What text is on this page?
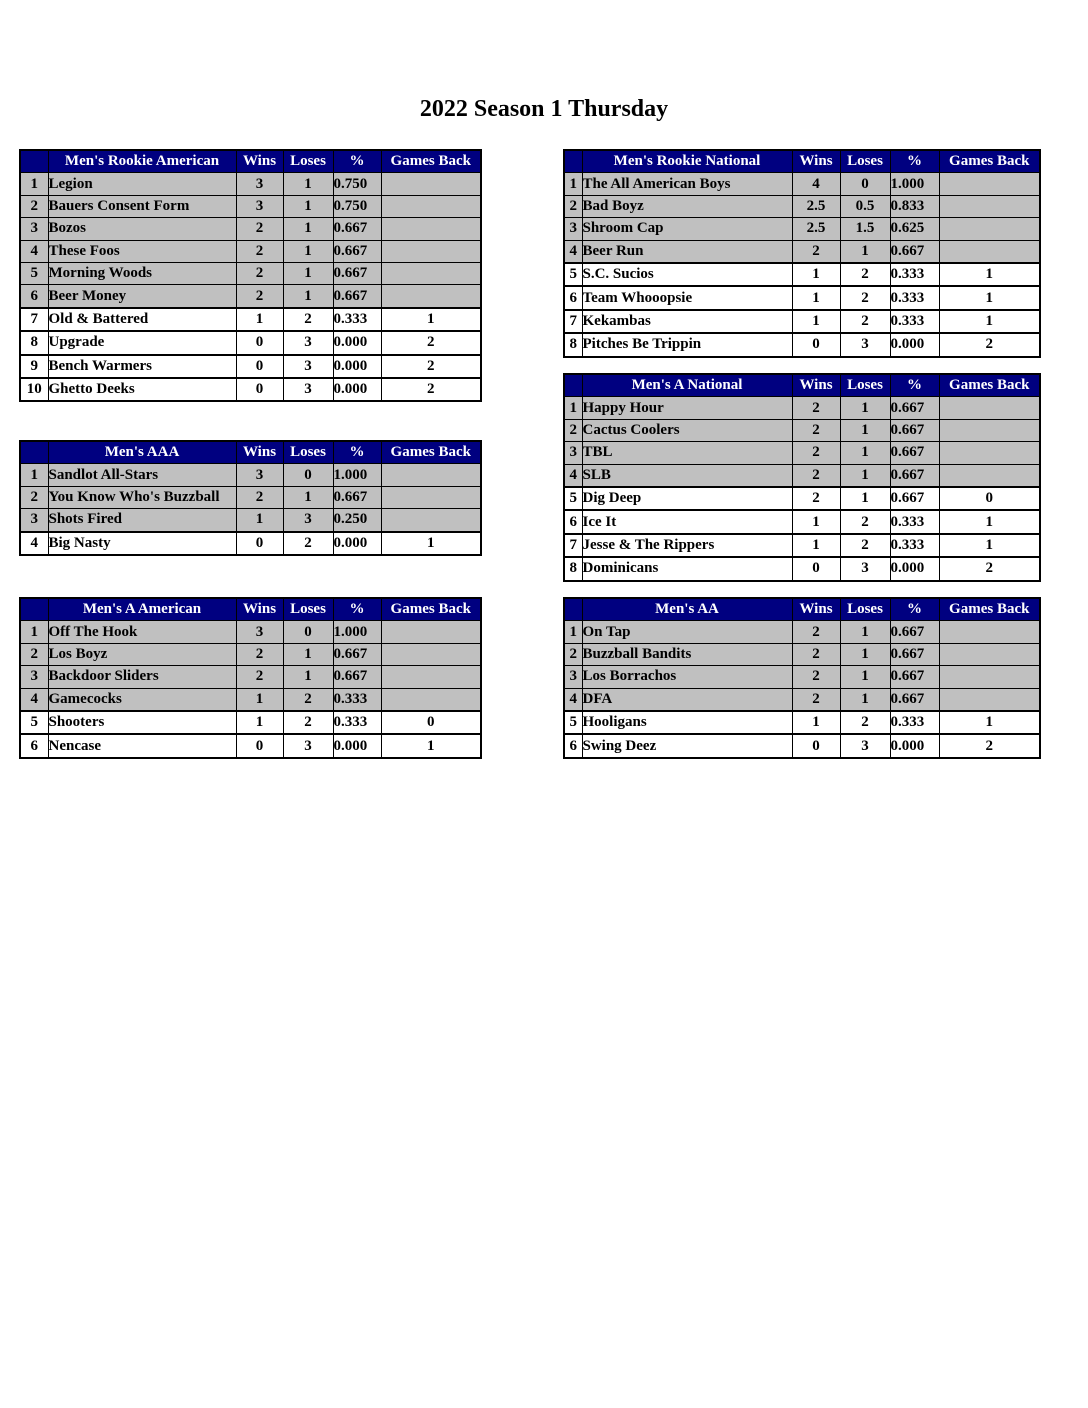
2022 Season 1 Thursday
	Men's Rookie American	Wins	Loses	%	Games Back
1	Legion	3	1	0.750	
2	Bauers Consent Form	3	1	0.750	
3	Bozos	2	1	0.667	
4	These Foos	2	1	0.667	
5	Morning Woods	2	1	0.667	
6	Beer Money	2	1	0.667	
7	Old & Battered	1	2	0.333	1
8	Upgrade	0	3	0.000	2
9	Bench Warmers	0	3	0.000	2
10	Ghetto Deeks	0	3	0.000	2
	Men's AAA	Wins	Loses	%	Games Back
1	Sandlot All-Stars	3	0	1.000	
2	You Know Who's Buzzball	2	1	0.667	
3	Shots Fired	1	3	0.250	
4	Big Nasty	0	2	0.000	1
	Men's A American	Wins	Loses	%	Games Back
1	Off The Hook	3	0	1.000	
2	Los Boyz	2	1	0.667	
3	Backdoor Sliders	2	1	0.667	
4	Gamecocks	1	2	0.333	
5	Shooters	1	2	0.333	0
6	Nencase	0	3	0.000	1
	Men's Rookie National	Wins	Loses	%	Games Back
1	The All American Boys	4	0	1.000	
2	Bad Boyz	2.5	0.5	0.833	
3	Shroom Cap	2.5	1.5	0.625	
4	Beer Run	2	1	0.667	
5	S.C. Sucios	1	2	0.333	1
6	Team Whooopsie	1	2	0.333	1
7	Kekambas	1	2	0.333	1
8	Pitches Be Trippin	0	3	0.000	2
	Men's A National	Wins	Loses	%	Games Back
1	Happy Hour	2	1	0.667	
2	Cactus Coolers	2	1	0.667	
3	TBL	2	1	0.667	
4	SLB	2	1	0.667	
5	Dig Deep	2	1	0.667	0
6	Ice It	1	2	0.333	1
7	Jesse & The Rippers	1	2	0.333	1
8	Dominicans	0	3	0.000	2
	Men's AA	Wins	Loses	%	Games Back
1	On Tap	2	1	0.667	
2	Buzzball Bandits	2	1	0.667	
3	Los Borrachos	2	1	0.667	
4	DFA	2	1	0.667	
5	Hooligans	1	2	0.333	1
6	Swing Deez	0	3	0.000	2
